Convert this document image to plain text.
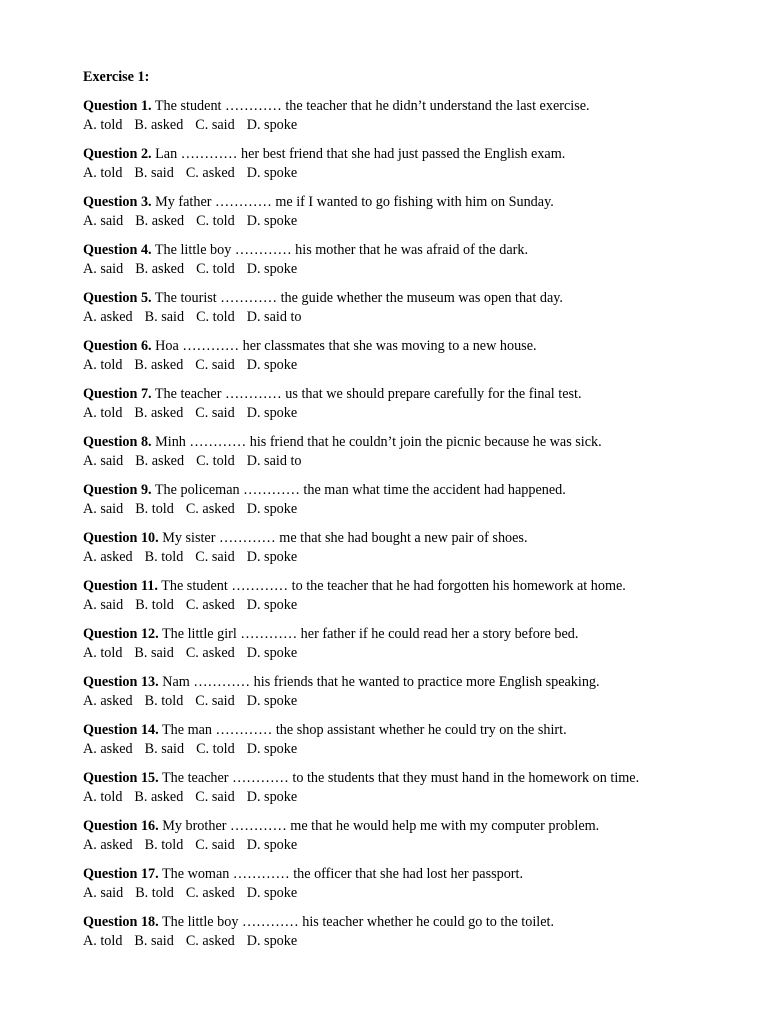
Exercise 1:
Question 1. The student ………… the teacher that he didn’t understand the last exercise.
A. told B. asked C. said D. spoke
Question 2. Lan ………… her best friend that she had just passed the English exam.
A. told B. said C. asked D. spoke
Question 3. My father ………… me if I wanted to go fishing with him on Sunday.
A. said B. asked C. told D. spoke
Question 4. The little boy ………… his mother that he was afraid of the dark.
A. said B. asked C. told D. spoke
Question 5. The tourist ………… the guide whether the museum was open that day.
A. asked B. said C. told D. said to
Question 6. Hoa ………… her classmates that she was moving to a new house.
A. told B. asked C. said D. spoke
Question 7. The teacher ………… us that we should prepare carefully for the final test.
A. told B. asked C. said D. spoke
Question 8. Minh ………… his friend that he couldn’t join the picnic because he was sick.
A. said B. asked C. told D. said to
Question 9. The policeman ………… the man what time the accident had happened.
A. said B. told C. asked D. spoke
Question 10. My sister ………… me that she had bought a new pair of shoes.
A. asked B. told C. said D. spoke
Question 11. The student ………… to the teacher that he had forgotten his homework at home.
A. said B. told C. asked D. spoke
Question 12. The little girl ………… her father if he could read her a story before bed.
A. told B. said C. asked D. spoke
Question 13. Nam ………… his friends that he wanted to practice more English speaking.
A. asked B. told C. said D. spoke
Question 14. The man ………… the shop assistant whether he could try on the shirt.
A. asked B. said C. told D. spoke
Question 15. The teacher ………… to the students that they must hand in the homework on time.
A. told B. asked C. said D. spoke
Question 16. My brother ………… me that he would help me with my computer problem.
A. asked B. told C. said D. spoke
Question 17. The woman ………… the officer that she had lost her passport.
A. said B. told C. asked D. spoke
Question 18. The little boy ………… his teacher whether he could go to the toilet.
A. told B. said C. asked D. spoke
